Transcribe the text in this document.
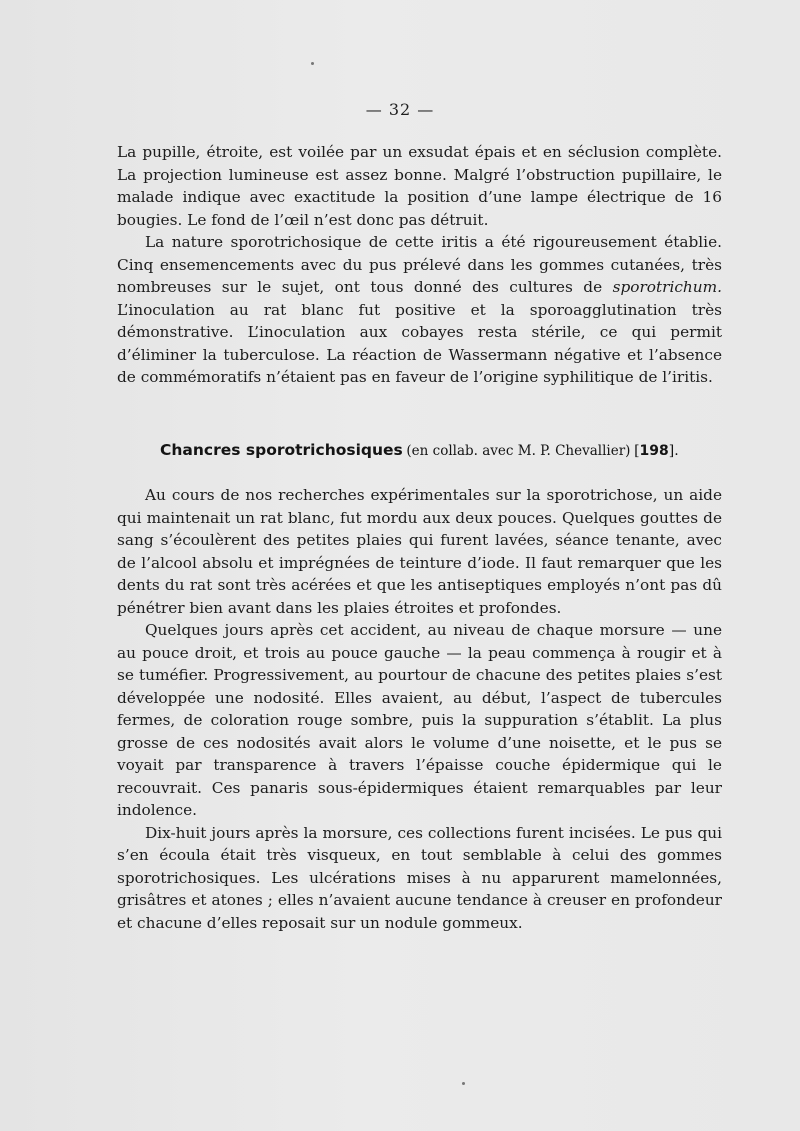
— 32 —

La pupille, étroite, est voilée par un exsudat épais et en séclusion complète. La projection lumineuse est assez bonne. Malgré l’obstruction pupillaire, le malade indique avec exactitude la position d’une lampe électrique de 16 bougies. Le fond de l’œil n’est donc pas détruit.

La nature sporotrichosique de cette iritis a été rigoureusement établie. Cinq ensemencements avec du pus prélevé dans les gommes cutanées, très nombreuses sur le sujet, ont tous donné des cultures de sporotrichum. L’inoculation au rat blanc fut positive et la sporoagglutination très démonstrative. L’inoculation aux cobayes resta stérile, ce qui permit d’éliminer la tuberculose. La réaction de Wassermann négative et l’absence de commémoratifs n’étaient pas en faveur de l’origine syphilitique de l’iritis.

Chancres sporotrichosiques (en collab. avec M. P. Chevallier) [198].

Au cours de nos recherches expérimentales sur la sporotrichose, un aide qui maintenait un rat blanc, fut mordu aux deux pouces. Quelques gouttes de sang s’écoulèrent des petites plaies qui furent lavées, séance tenante, avec de l’alcool absolu et imprégnées de teinture d’iode. Il faut remarquer que les dents du rat sont très acérées et que les antiseptiques employés n’ont pas dû pénétrer bien avant dans les plaies étroites et profondes.

Quelques jours après cet accident, au niveau de chaque morsure — une au pouce droit, et trois au pouce gauche — la peau commença à rougir et à se tuméfier. Progressivement, au pourtour de chacune des petites plaies s’est développée une nodosité. Elles avaient, au début, l’aspect de tubercules fermes, de coloration rouge sombre, puis la suppuration s’établit. La plus grosse de ces nodosités avait alors le volume d’une noisette, et le pus se voyait par transparence à travers l’épaisse couche épidermique qui le recouvrait. Ces panaris sous-épidermiques étaient remarquables par leur indolence.

Dix-huit jours après la morsure, ces collections furent incisées. Le pus qui s’en écoula était très visqueux, en tout semblable à celui des gommes sporotrichosiques. Les ulcérations mises à nu apparurent mamelonnées, grisâtres et atones ; elles n’avaient aucune tendance à creuser en profondeur et chacune d’elles reposait sur un nodule gommeux.
